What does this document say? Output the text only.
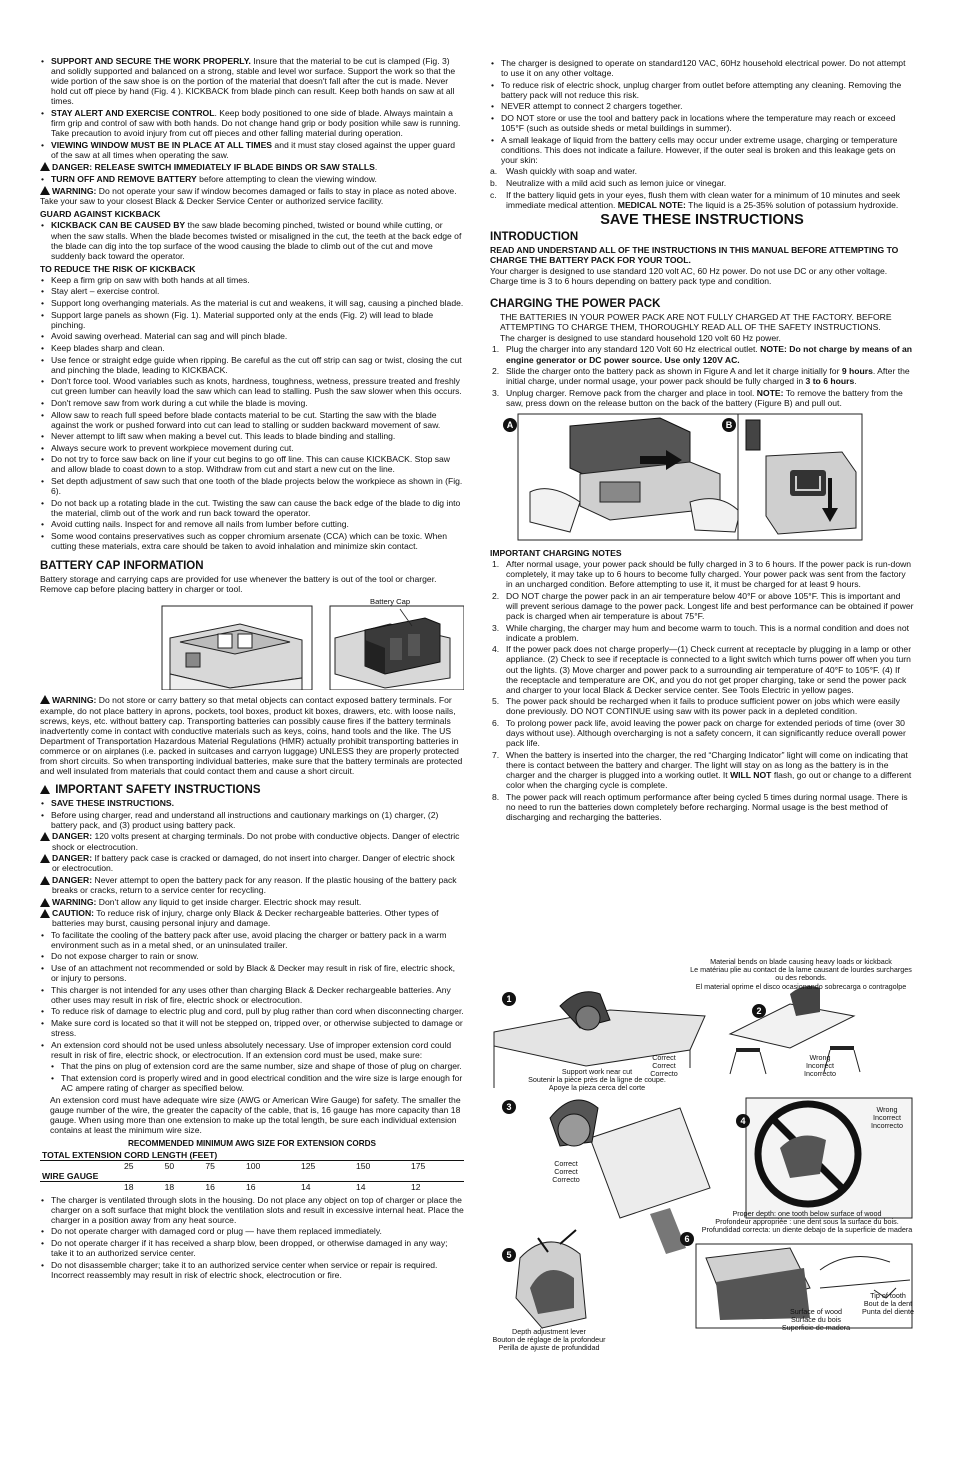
• SUPPORT AND SECURE THE WORK PROPERLY. Insure that the material to be cut is clamped (Fig. 3) and solidly supported and balanced on a strong, stable and level wor surface. Support the work so that the wide portion of the saw shoe is on the portion of the material that doesn't fall after the cut is made. Never hold cut off piece by hand (Fig. 4 ). KICKBACK from blade pinch can result. Keep both hands on saw at all times.
• STAY ALERT AND EXERCISE CONTROL. Keep body positioned to one side of blade. Always maintain a firm grip and control of saw with both hands. Do not change hand grip or body position while saw is running. Take precaution to avoid injury from cut off pieces and other falling material during operation.
• VIEWING WINDOW MUST BE IN PLACE AT ALL TIMES and it must stay closed against the upper guard of the saw at all times when operating the saw.

DANGER: RELEASE SWITCH IMMEDIATELY IF BLADE BINDS OR SAW STALLS.

• TURN OFF AND REMOVE BATTERY before attempting to clean the viewing window.

WARNING: Do not operate your saw if window becomes damaged or fails to stay in place as noted above. Take your saw to your closest Black & Decker Service Center or authorized service facility.

GUARD AGAINST KICKBACK
• KICKBACK CAN BE CAUSED BY the saw blade becoming pinched, twisted or bound while cutting, or when the saw stalls. When the blade becomes twisted or misaligned in the cut, the teeth at the back edge of the blade can dig into the top surface of the wood causing the blade to climb out of the cut and move suddenly back toward the operator.
TO REDUCE THE RISK OF KICKBACK
• Keep a firm grip on saw with both hands at all times.
• Stay alert – exercise control.
• Support long overhanging materials. As the material is cut and weakens, it will sag, causing a pinched blade.
• Support large panels as shown (Fig. 1). Material supported only at the ends (Fig. 2) will lead to blade pinching.
• Avoid sawing overhead. Material can sag and will pinch blade.
• Keep blades sharp and clean.
• Use fence or straight edge guide when ripping. Be careful as the cut off strip can sag or twist, closing the cut and pinching the blade, leading to KICKBACK.
• Don't force tool. Wood variables such as knots, hardness, toughness, wetness, pressure treated and freshly cut green lumber can heavily load the saw which can lead to stalling. Push the saw slower when this occurs.
• Don't remove saw from work during a cut while the blade is moving.
• Allow saw to reach full speed before blade contacts material to be cut. Starting the saw with the blade against the work or pushed forward into cut can lead to stalling or sudden backward movement of saw.
• Never attempt to lift saw when making a bevel cut. This leads to blade binding and stalling.
• Always secure work to prevent workpiece movement during cut.
• Do not try to force saw back on line if your cut begins to go off line. This can cause KICKBACK. Stop saw and allow blade to coast down to a stop. Withdraw from cut and start a new cut on the line.
• Set depth adjustment of saw such that one tooth of the blade projects below the workpiece as shown in (Fig. 6).
• Do not back up a rotating blade in the cut. Twisting the saw can cause the back edge of the blade to dig into the material, climb out of the work and run back toward the operator.
• Avoid cutting nails. Inspect for and remove all nails from lumber before cutting.
• Some wood contains preservatives such as copper chromium arsenate (CCA) which can be toxic. When cutting these materials, extra care should be taken to avoid inhalation and minimize skin contact.
BATTERY CAP INFORMATION

Battery storage and carrying caps are provided for use whenever the battery is out of the tool or charger. Remove cap before placing battery in charger or tool.

Battery Cap

WARNING: Do not store or carry battery so that metal objects can contact exposed battery terminals. For example, do not place battery in aprons, pockets, tool boxes, product kit boxes, drawers, etc. with loose nails, screws, keys, etc. without battery cap. Transporting batteries can possibly cause fires if the battery terminals inadvertently come in contact with conductive materials such as keys, coins, hand tools and the like. The US Department of Transportation Hazardous Material Regulations (HMR) actually prohibit transporting batteries in commerce or on airplanes (i.e. packed in suitcases and carryon luggage) UNLESS they are properly protected from short circuits. So when transporting individual batteries, make sure that the battery terminals are protected and well insulated from materials that could contact them and cause a short circuit.

IMPORTANT SAFETY INSTRUCTIONS
• SAVE THESE INSTRUCTIONS.
• Before using charger, read and understand all instructions and cautionary markings on (1) charger, (2) battery pack, and (3) product using battery pack.
DANGER: 120 volts present at charging terminals. Do not probe with conductive objects. Danger of electric shock or electrocution.
DANGER: If battery pack case is cracked or damaged, do not insert into charger. Danger of electric shock or electrocution.
DANGER: Never attempt to open the battery pack for any reason. If the plastic housing of the battery pack breaks or cracks, return to a service center for recycling.
WARNING: Don't allow any liquid to get inside charger. Electric shock may result.
CAUTION: To reduce risk of injury, charge only Black & Decker rechargeable batteries. Other types of batteries may burst, causing personal injury and damage.
• To facilitate the cooling of the battery pack after use, avoid placing the charger or battery pack in a warm environment such as in a metal shed, or an uninsulated trailer.
• Do not expose charger to rain or snow.
• Use of an attachment not recommended or sold by Black & Decker may result in risk of fire, electric shock, or injury to persons.
• This charger is not intended for any uses other than charging Black & Decker rechargeable batteries. Any other uses may result in risk of fire, electric shock or electrocution.
• To reduce risk of damage to electric plug and cord, pull by plug rather than cord when disconnecting charger.
• Make sure cord is located so that it will not be stepped on, tripped over, or otherwise subjected to damage or stress.
• An extension cord should not be used unless absolutely necessary. Use of improper extension cord could result in risk of fire, electric shock, or electrocution. If an extension cord must be used, make sure:
• That the pins on plug of extension cord are the same number, size and shape of those of plug on charger.
• That extension cord is properly wired and in good electrical condition and the wire size is large enough for AC ampere rating of charger as specified below.

An extension cord must have adequate wire size (AWG or American Wire Gauge) for safety. The smaller the gauge number of the wire, the greater the capacity of the cable, that is, 16 gauge has more capacity than 18 gauge. When using more than one extension to make up the total length, be sure each individual extension contains at least the minimum wire size.

RECOMMENDED MINIMUM AWG SIZE FOR EXTENSION CORDS
TOTAL EXTENSION CORD LENGTH (FEET)							
	25	50	75	100	125	150	175
WIRE GAUGE							
	18	18	16	16	14	14	12
• The charger is ventilated through slots in the housing. Do not place any object on top of charger or place the charger on a soft surface that might block the ventilation slots and result in excessive internal heat. Place the charger in a position away from any heat source.
• Do not operate charger with damaged cord or plug — have them replaced immediately.
• Do not operate charger if it has received a sharp blow, been dropped, or otherwise damaged in any way; take it to an authorized service center.
• Do not disassemble charger; take it to an authorized service center when service or repair is required. Incorrect reassembly may result in risk of electric shock, electrocution or fire.
• The charger is designed to operate on standard120 VAC, 60Hz household electrical power. Do not attempt to use it on any other voltage.
• To reduce risk of electric shock, unplug charger from outlet before attempting any cleaning. Removing the battery pack will not reduce this risk.
• NEVER attempt to connect 2 chargers together.
• DO NOT store or use the tool and battery pack in locations where the temperature may reach or exceed 105°F (such as outside sheds or metal buildings in summer).
• A small leakage of liquid from the battery cells may occur under extreme usage, charging or temperature conditions. This does not indicate a failure. However, if the outer seal is broken and this leakage gets on your skin:
a. Wash quickly with soap and water.
b. Neutralize with a mild acid such as lemon juice or vinegar.
c. If the battery liquid gets in your eyes, flush them with clean water for a minimum of 10 minutes and seek immediate medical attention. MEDICAL NOTE: The liquid is a 25-35% solution of potassium hydroxide.
SAVE THESE INSTRUCTIONS
INTRODUCTION

READ AND UNDERSTAND ALL OF THE INSTRUCTIONS IN THIS MANUAL BEFORE ATTEMPTING TO CHARGE THE BATTERY PACK FOR YOUR TOOL.

Your charger is designed to use standard 120 volt AC, 60 Hz power. Do not use DC or any other voltage. Charge time is 3 to 6 hours depending on battery pack type and condition.

CHARGING THE POWER PACK

THE BATTERIES IN YOUR POWER PACK ARE NOT FULLY CHARGED AT THE FACTORY. BEFORE ATTEMPTING TO CHARGE THEM, THOROUGHLY READ ALL OF THE SAFETY INSTRUCTIONS.

The charger is designed to use standard household 120 volt 60 Hz power.

1. Plug the charger into any standard 120 Volt 60 Hz electrical outlet. NOTE: Do not charge by means of an engine generator or DC power source. Use only 120V AC.
2. Slide the charger onto the battery pack as shown in Figure A and let it charge initially for 9 hours. After the initial charge, under normal usage, your power pack should be fully charged in 3 to 6 hours.
3. Unplug charger. Remove pack from the charger and place in tool. NOTE: To remove the battery from the saw, press down on the release button on the back of the battery (Figure B) and pull out.
A	B
IMPORTANT CHARGING NOTES
1. After normal usage, your power pack should be fully charged in 3 to 6 hours. If the power pack is run-down completely, it may take up to 6 hours to become fully charged. Your power pack was sent from the factory in an uncharged condition. Before attempting to use it, it must be charged for at least 9 hours.
2. DO NOT charge the power pack in an air temperature below 40°F or above 105°F. This is important and will prevent serious damage to the power pack. Longest life and best performance can be obtained if power pack is charged when air temperature is about 75°F.
3. While charging, the charger may hum and become warm to touch. This is a normal condition and does not indicate a problem.
4. If the power pack does not charge properly—(1) Check current at receptacle by plugging in a lamp or other appliance. (2) Check to see if receptacle is connected to a light switch which turns power off when you turn out the lights. (3) Move charger and power pack to a surrounding air temperature of 40°F to 105°F. (4) If the receptacle and temperature are OK, and you do not get proper charging, take or send the power pack and charger to your local Black & Decker service center. See Tools Electric in yellow pages.
5. The power pack should be recharged when it fails to produce sufficient power on jobs which were easily done previously. DO NOT CONTINUE using saw with its power pack in a depleted condition.
6. To prolong power pack life, avoid leaving the power pack on charge for extended periods of time (over 30 days without use). Although overcharging is not a safety concern, it can significantly reduce overall power pack life.
7. When the battery is inserted into the charger, the red “Charging Indicator” light will come on indicating that there is contact between the battery and charger. The light will stay on as long as the battery is in the charger and the charger is plugged into a working outlet. It WILL NOT flash, go out or change to a different color when the charging cycle is complete.
8. The power pack will reach optimum performance after being cycled 5 times during normal usage. There is no need to run the batteries down completely before recharging. Normal usage is the best method of discharging and recharging the batteries.
1
2
3
4
5
6
Material bends on blade causing heavy loads or kickback
Le matériau plie au contact de la lame causant de lourdes surcharges ou des rebonds.
El material oprime el disco ocasionando sobrecarga o contragolpe
Support work near cut
Soutenir la pièce près de la ligne de coupe.
Apoye la pieza cerca del corte
Correct
Correct
Correcto
Wrong
Incorrect
Incorrecto
Correct
Correct
Correcto
Wrong
Incorrect
Incorrecto
Proper depth: one tooth below surface of wood
Profondeur appropriée : une dent sous la surface du bois.
Profundidad correcta: un diente debajo de la superficie de madera
Depth adjustment lever
Bouton de réglage de la profondeur
Perilla de ajuste de profundidad
Surface of wood
Surface du bois
Superficie de madera
Tip of tooth
Bout de la dent
Punta del diente
